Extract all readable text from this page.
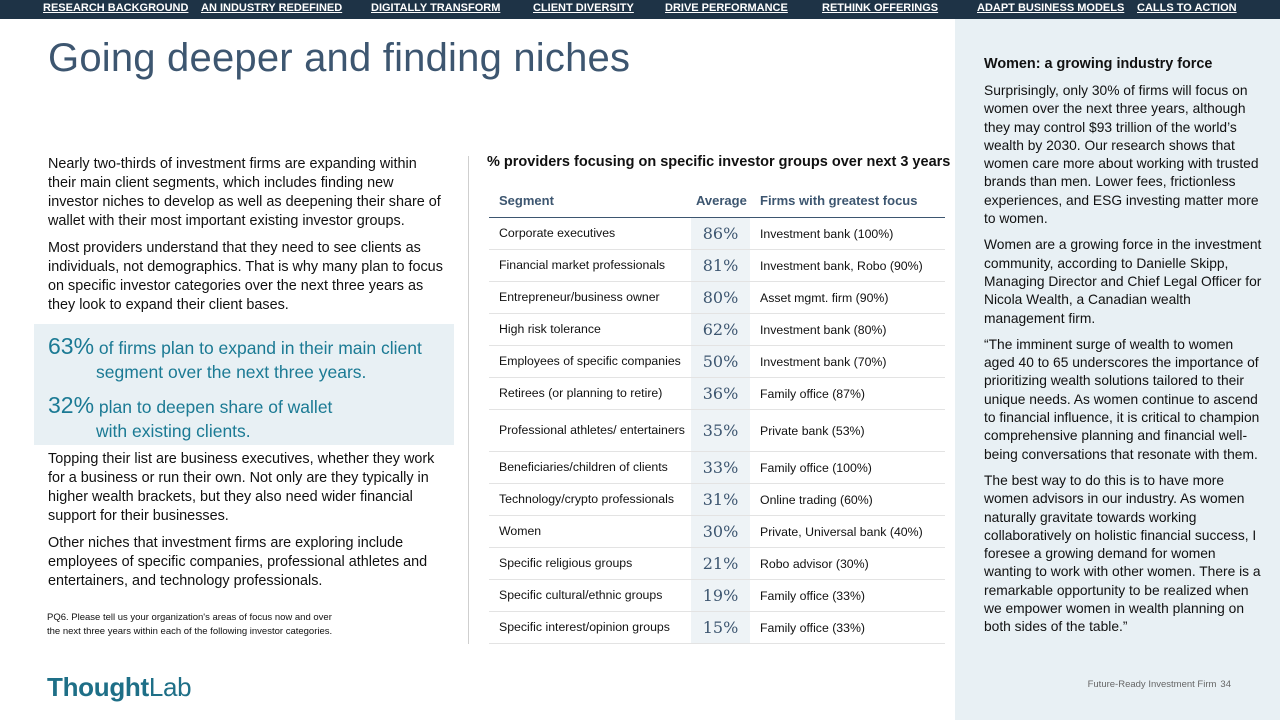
RESEARCH BACKGROUND AN INDUSTRY REDEFINED	DIGITALLY TRANSFORM	CLIENT DIVERSITY	DRIVE PERFORMANCE	RETHINK OFFERINGS	ADAPT BUSINESS MODELS CALLS TO ACTION
Going deeper and finding niches

Nearly two-thirds of investment firms are expanding within their main client segments, which includes finding new investor niches to develop as well as deepening their share of wallet with their most important existing investor groups.

Most providers understand that they need to see clients as individuals, not demographics. That is why many plan to focus on specific investor categories over the next three years as they look to expand their client bases.

63% of firms plan to expand in their main client
segment over the next three years.
32% plan to deepen share of wallet
with existing clients.

Topping their list are business executives, whether they work for a business or run their own. Not only are they typically in higher wealth brackets, but they also need wider financial support for their businesses.

Other niches that investment firms are exploring include employees of specific companies, professional athletes and entertainers, and technology professionals.

PQ6. Please tell us your organization's areas of focus now and over
the next three years within each of the following investor categories.
% providers focusing on specific investor groups over next 3 years
Segment	Average Firms with greatest focus
Corporate executives	86%	Investment bank (100%)
Financial market professionals	81%	Investment bank, Robo (90%)
Entrepreneur/business owner	80%	Asset mgmt. firm (90%)
High risk tolerance	62%	Investment bank (80%)
Employees of specific companies	50%	Investment bank (70%)
Retirees (or planning to retire)	36%	Family office (87%)
Professional athletes/ entertainers	35%	Private bank (53%)
Beneficiaries/children of clients	33%	Family office (100%)
Technology/crypto professionals	31%	Online trading (60%)
Women	30%	Private, Universal bank (40%)
Specific religious groups	21%	Robo advisor (30%)
Specific cultural/ethnic groups	19%	Family office (33%)
Specific interest/opinion groups	15%	Family office (33%)
Women: a growing industry force

Surprisingly, only 30% of firms will focus on women over the next three years, although they may control $93 trillion of the world’s wealth by 2030. Our research shows that women care more about working with trusted brands than men. Lower fees, frictionless experiences, and ESG investing matter more to women.

Women are a growing force in the investment community, according to Danielle Skipp, Managing Director and Chief Legal Officer for Nicola Wealth, a Canadian wealth management firm.

“The imminent surge of wealth to women aged 40 to 65 underscores the importance of prioritizing wealth solutions tailored to their unique needs. As women continue to ascend to financial influence, it is critical to champion comprehensive planning and financial well-being conversations that resonate with them.

The best way to do this is to have more women advisors in our industry. As women naturally gravitate towards working collaboratively on holistic financial success, I foresee a growing demand for women wanting to work with other women. There is a remarkable opportunity to be realized when we empower women in wealth planning on both sides of the table.”

ThoughtLab	Future-Ready Investment Firm 34
